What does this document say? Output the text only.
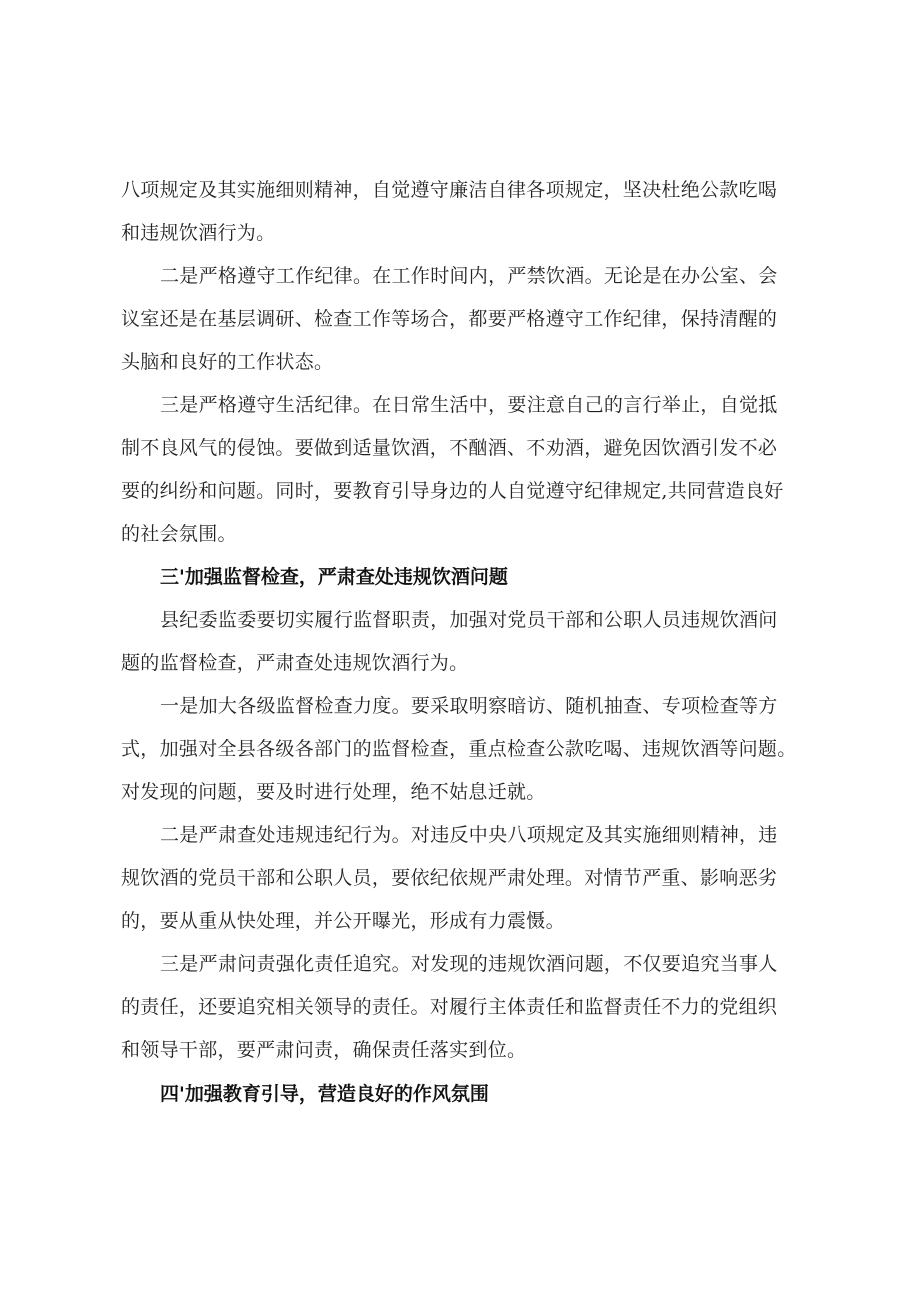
八项规定及其实施细则精神，自觉遵守廉洁自律各项规定，坚决杜绝公款吃喝

和违规饮酒行为。

二是严格遵守工作纪律。在工作时间内，严禁饮酒。无论是在办公室、会

议室还是在基层调研、检查工作等场合，都要严格遵守工作纪律，保持清醒的

头脑和良好的工作状态。

三是严格遵守生活纪律。在日常生活中，要注意自己的言行举止，自觉抵

制不良风气的侵蚀。要做到适量饮酒，不酗酒、不劝酒，避免因饮酒引发不必

要的纠纷和问题。同时，要教育引导身边的人自觉遵守纪律规定,共同营造良好

的社会氛围。

三'加强监督检查，严肃查处违规饮酒问题

县纪委监委要切实履行监督职责，加强对党员干部和公职人员违规饮酒问

题的监督检查，严肃查处违规饮酒行为。

一是加大各级监督检查力度。要采取明察暗访、随机抽查、专项检查等方

式，加强对全县各级各部门的监督检查，重点检查公款吃喝、违规饮酒等问题。

对发现的问题，要及时进行处理，绝不姑息迁就。

二是严肃查处违规违纪行为。对违反中央八项规定及其实施细则精神，违

规饮酒的党员干部和公职人员，要依纪依规严肃处理。对情节严重、影响恶劣

的，要从重从快处理，并公开曝光，形成有力震慑。

三是严肃问责强化责任追究。对发现的违规饮酒问题，不仅要追究当事人

的责任，还要追究相关领导的责任。对履行主体责任和监督责任不力的党组织

和领导干部，要严肃问责，确保责任落实到位。

四'加强教育引导，营造良好的作风氛围
